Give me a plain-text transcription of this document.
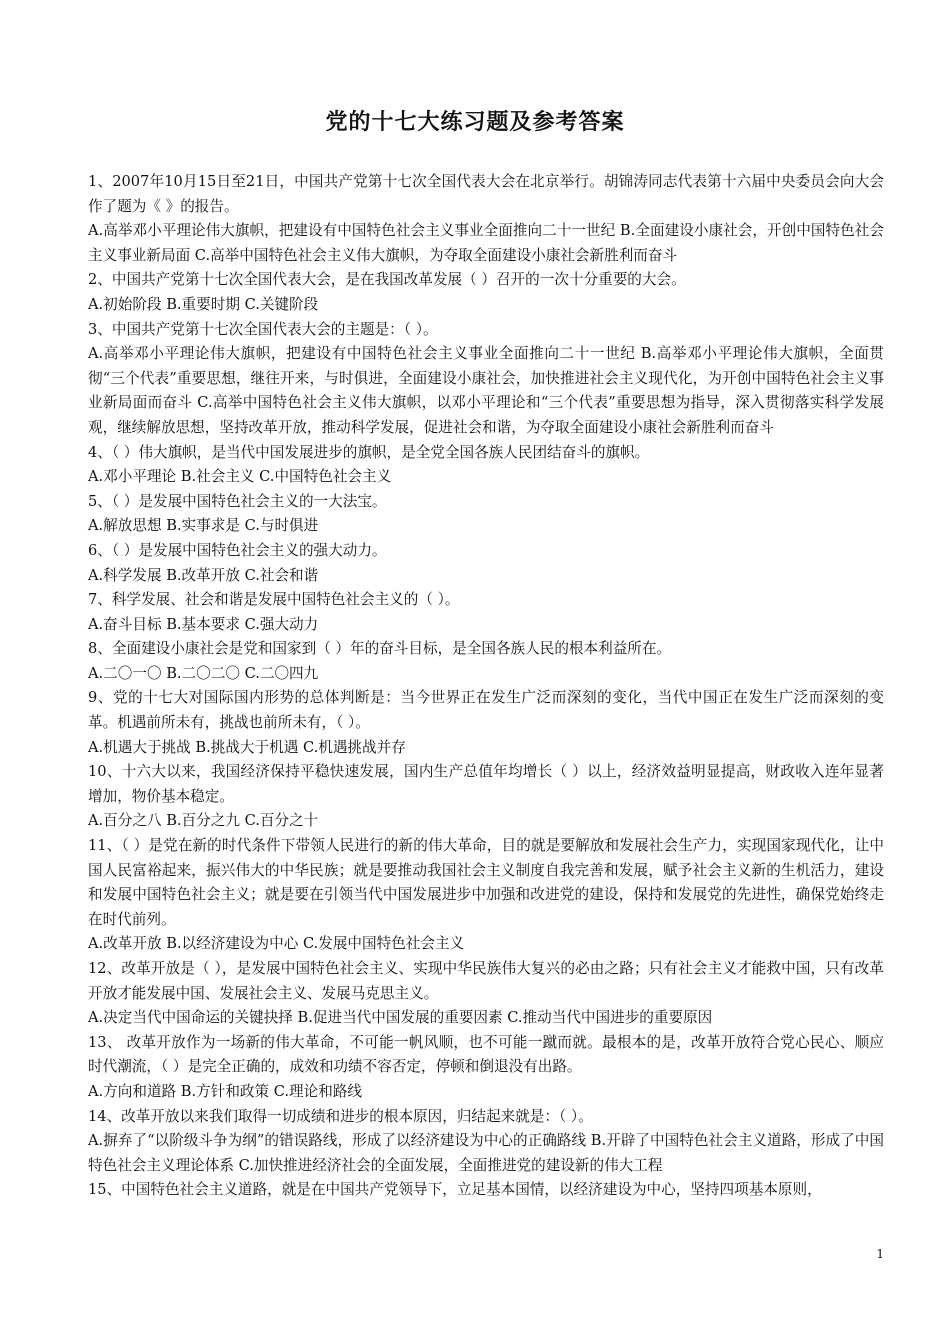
党的十七大练习题及参考答案

1、2007年10月15日至21日，中国共产党第十七次全国代表大会在北京举行。胡锦涛同志代表第十六届中央委员会向大会作了题为《 》的报告。

A.高举邓小平理论伟大旗帜，把建设有中国特色社会主义事业全面推向二十一世纪 B.全面建设小康社会，开创中国特色社会主义事业新局面 C.高举中国特色社会主义伟大旗帜，为夺取全面建设小康社会新胜利而奋斗

2、中国共产党第十七次全国代表大会，是在我国改革发展（ ）召开的一次十分重要的大会。

A.初始阶段 B.重要时期 C.关键阶段

3、中国共产党第十七次全国代表大会的主题是：（ ）。

A.高举邓小平理论伟大旗帜，把建设有中国特色社会主义事业全面推向二十一世纪 B.高举邓小平理论伟大旗帜，全面贯彻“三个代表”重要思想，继往开来，与时俱进，全面建设小康社会，加快推进社会主义现代化，为开创中国特色社会主义事业新局面而奋斗 C.高举中国特色社会主义伟大旗帜，以邓小平理论和“三个代表”重要思想为指导，深入贯彻落实科学发展观，继续解放思想，坚持改革开放，推动科学发展，促进社会和谐，为夺取全面建设小康社会新胜利而奋斗

4、（ ）伟大旗帜，是当代中国发展进步的旗帜，是全党全国各族人民团结奋斗的旗帜。

A.邓小平理论 B.社会主义 C.中国特色社会主义

5、（ ）是发展中国特色社会主义的一大法宝。

A.解放思想 B.实事求是 C.与时俱进

6、（ ）是发展中国特色社会主义的强大动力。

A.科学发展 B.改革开放 C.社会和谐

7、科学发展、社会和谐是发展中国特色社会主义的（ ）。

A.奋斗目标 B.基本要求 C.强大动力

8、全面建设小康社会是党和国家到（ ）年的奋斗目标，是全国各族人民的根本利益所在。

A.二〇一〇 B.二〇二〇 C.二〇四九

9、党的十七大对国际国内形势的总体判断是：当今世界正在发生广泛而深刻的变化，当代中国正在发生广泛而深刻的变革。机遇前所未有，挑战也前所未有，（ ）。

A.机遇大于挑战 B.挑战大于机遇 C.机遇挑战并存

10、十六大以来，我国经济保持平稳快速发展，国内生产总值年均增长（ ）以上，经济效益明显提高，财政收入连年显著增加，物价基本稳定。

A.百分之八 B.百分之九 C.百分之十

11、（ ）是党在新的时代条件下带领人民进行的新的伟大革命，目的就是要解放和发展社会生产力，实现国家现代化，让中国人民富裕起来，振兴伟大的中华民族；就是要推动我国社会主义制度自我完善和发展，赋予社会主义新的生机活力，建设和发展中国特色社会主义；就是要在引领当代中国发展进步中加强和改进党的建设，保持和发展党的先进性，确保党始终走在时代前列。

A.改革开放 B.以经济建设为中心 C.发展中国特色社会主义

12、改革开放是（ ），是发展中国特色社会主义、实现中华民族伟大复兴的必由之路；只有社会主义才能救中国，只有改革开放才能发展中国、发展社会主义、发展马克思主义。

A.决定当代中国命运的关键抉择 B.促进当代中国发展的重要因素 C.推动当代中国进步的重要原因

13、 改革开放作为一场新的伟大革命，不可能一帆风顺，也不可能一蹴而就。最根本的是，改革开放符合党心民心、顺应时代潮流，（ ）是完全正确的，成效和功绩不容否定，停顿和倒退没有出路。

A.方向和道路 B.方针和政策 C.理论和路线

14、改革开放以来我们取得一切成绩和进步的根本原因，归结起来就是：（ ）。

A.摒弃了“以阶级斗争为纲”的错误路线，形成了以经济建设为中心的正确路线 B.开辟了中国特色社会主义道路，形成了中国特色社会主义理论体系 C.加快推进经济社会的全面发展，全面推进党的建设新的伟大工程

15、中国特色社会主义道路，就是在中国共产党领导下，立足基本国情，以经济建设为中心，坚持四项基本原则，

1
